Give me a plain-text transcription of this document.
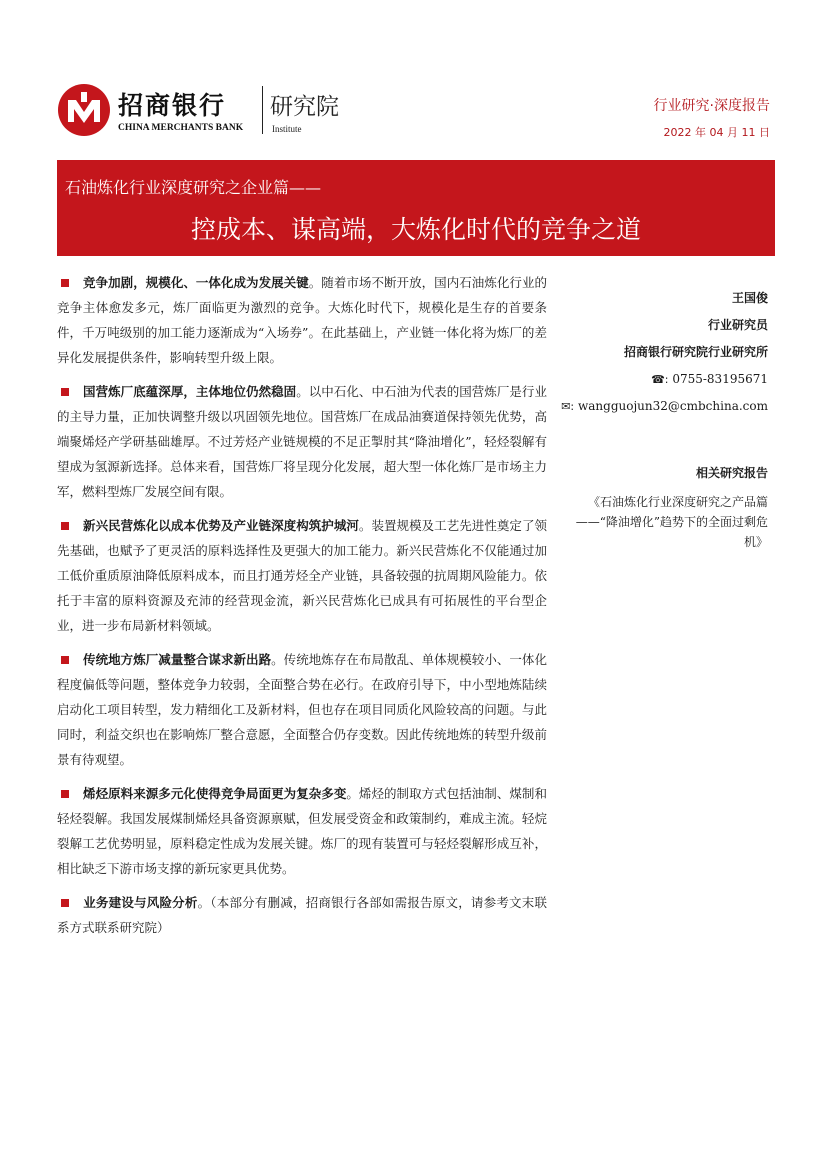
招商银行
CHINA MERCHANTS BANK
研究院
Institute
行业研究·深度报告
2022 年 04 月 11 日
石油炼化行业深度研究之企业篇——
控成本、谋高端，大炼化时代的竞争之道

竞争加剧，规模化、一体化成为发展关键。随着市场不断开放，国内石油炼化行业的竞争主体愈发多元，炼厂面临更为激烈的竞争。大炼化时代下，规模化是生存的首要条件，千万吨级别的加工能力逐渐成为“入场券”。在此基础上，产业链一体化将为炼厂的差异化发展提供条件，影响转型升级上限。

国营炼厂底蕴深厚，主体地位仍然稳固。以中石化、中石油为代表的国营炼厂是行业的主导力量，正加快调整升级以巩固领先地位。国营炼厂在成品油赛道保持领先优势，高端聚烯烃产学研基础雄厚。不过芳烃产业链规模的不足正掣肘其“降油增化”，轻烃裂解有望成为氢源新选择。总体来看，国营炼厂将呈现分化发展，超大型一体化炼厂是市场主力军，燃料型炼厂发展空间有限。

新兴民营炼化以成本优势及产业链深度构筑护城河。装置规模及工艺先进性奠定了领先基础，也赋予了更灵活的原料选择性及更强大的加工能力。新兴民营炼化不仅能通过加工低价重质原油降低原料成本，而且打通芳烃全产业链，具备较强的抗周期风险能力。依托于丰富的原料资源及充沛的经营现金流，新兴民营炼化已成具有可拓展性的平台型企业，进一步布局新材料领域。

传统地方炼厂减量整合谋求新出路。传统地炼存在布局散乱、单体规模较小、一体化程度偏低等问题，整体竞争力较弱，全面整合势在必行。在政府引导下，中小型地炼陆续启动化工项目转型，发力精细化工及新材料，但也存在项目同质化风险较高的问题。与此同时，利益交织也在影响炼厂整合意愿，全面整合仍存变数。因此传统地炼的转型升级前景有待观望。

烯烃原料来源多元化使得竞争局面更为复杂多变。烯烃的制取方式包括油制、煤制和轻烃裂解。我国发展煤制烯烃具备资源禀赋，但发展受资金和政策制约，难成主流。轻烷裂解工艺优势明显，原料稳定性成为发展关键。炼厂的现有装置可与轻烃裂解形成互补，相比缺乏下游市场支撑的新玩家更具优势。

业务建设与风险分析。（本部分有删减，招商银行各部如需报告原文，请参考文末联系方式联系研究院）

王国俊
行业研究员
招商银行研究院行业研究所
☎: 0755-83195671
✉: wangguojun32@cmbchina.com
相关研究报告
《石油炼化行业深度研究之产品篇——“降油增化”趋势下的全面过剩危机》
